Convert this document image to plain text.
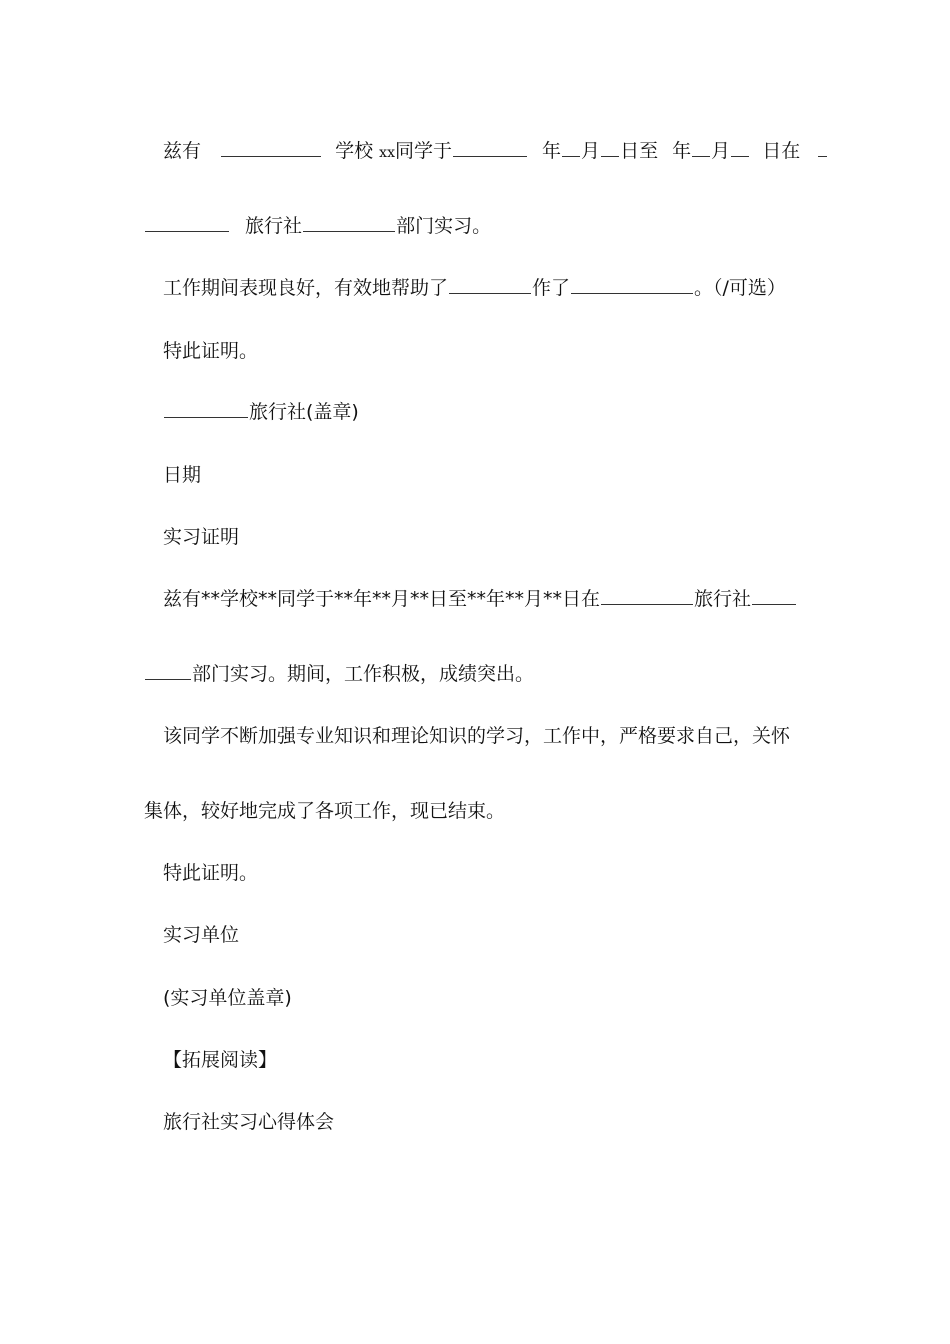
兹有	学校 xx同学于	年 月 日至 年 月 日在
旅行社	部门实习。
工作期间表现良好，有效地帮助了	作了	。（/可选）
特此证明。
旅行社(盖章)
日期
实习证明
兹有**学校**同学于**年**月**日至**年**月**日在	旅行社
部门实习。期间，工作积极，成绩突出。
该同学不断加强专业知识和理论知识的学习，工作中，严格要求自己，关怀
集体，较好地完成了各项工作，现已结束。
特此证明。
实习单位
(实习单位盖章)
【拓展阅读】
旅行社实习心得体会
